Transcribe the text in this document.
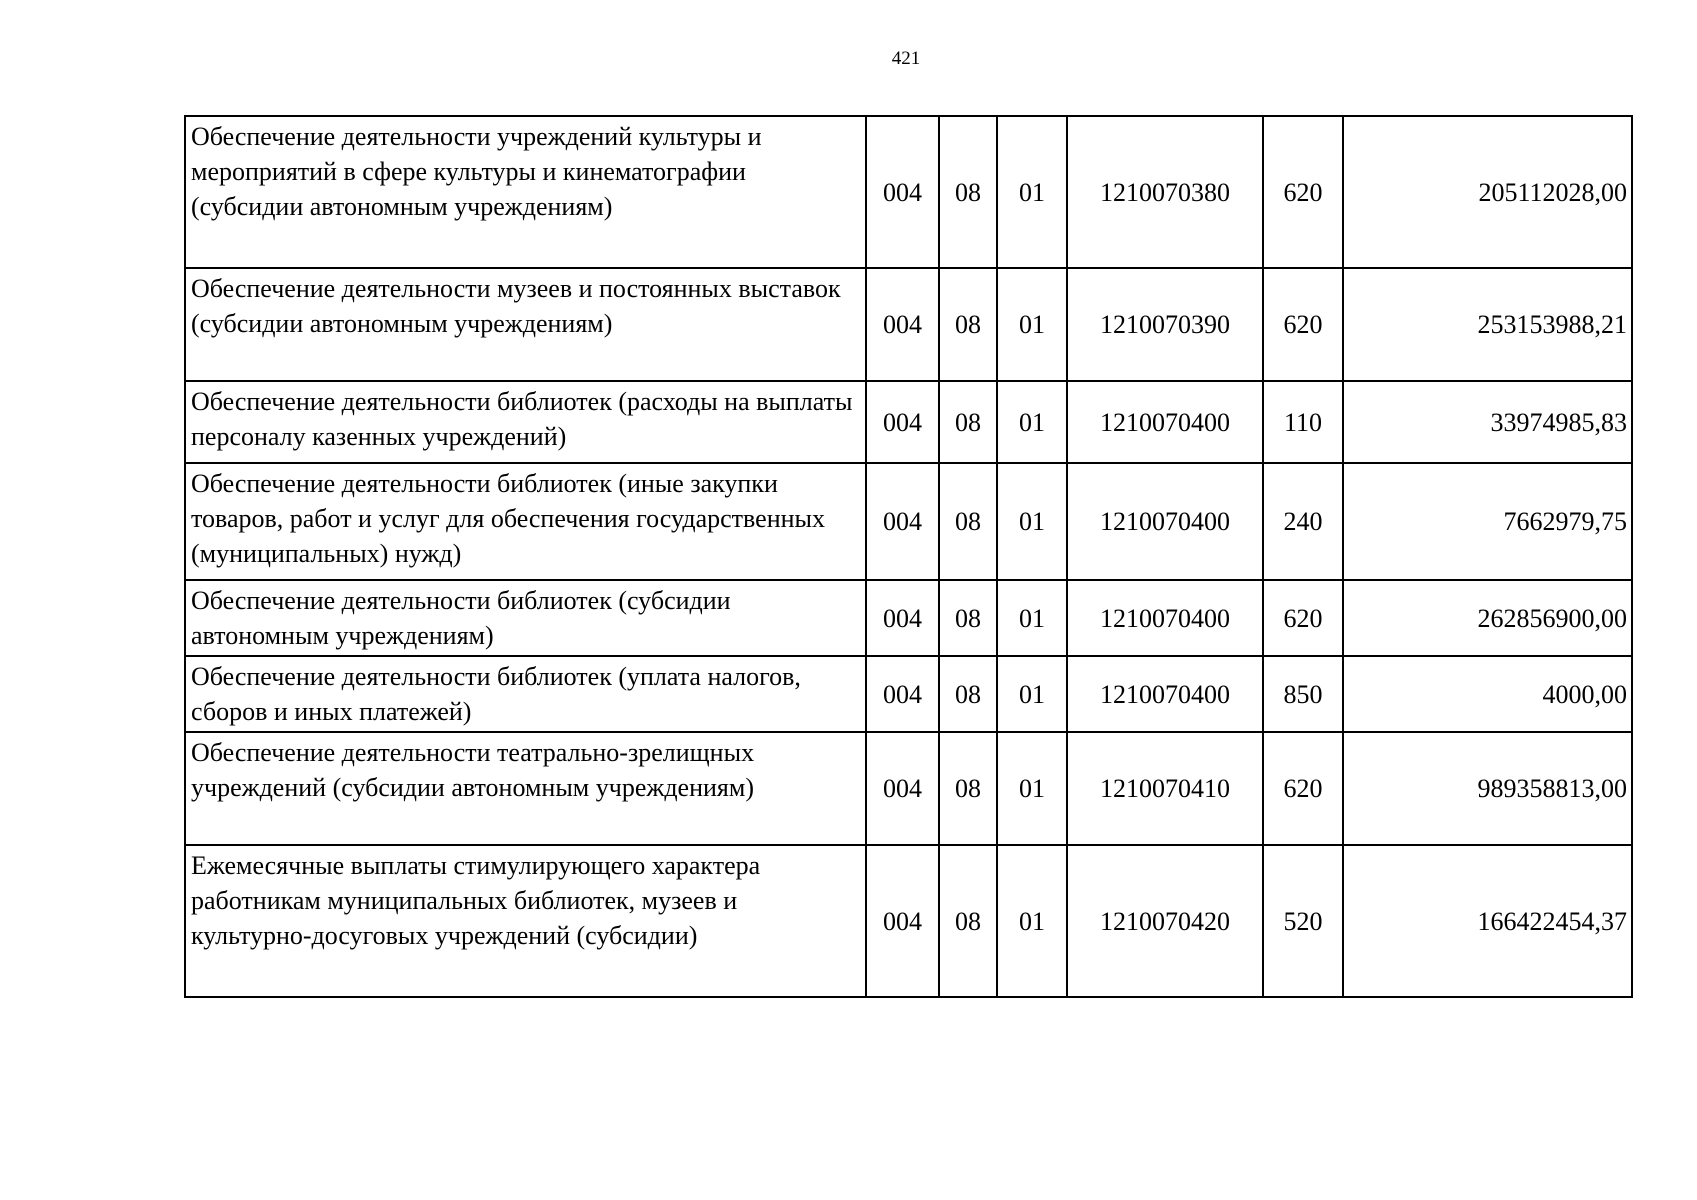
421
Обеспечение деятельности учреждений культуры и мероприятий в сфере культуры и кинематографии (субсидии автономным учреждениям)	004	08	01	1210070380	620	205112028,00
Обеспечение деятельности музеев и постоянных выставок (субсидии автономным учреждениям)	004	08	01	1210070390	620	253153988,21
Обеспечение деятельности библиотек (расходы на выплаты персоналу казенных учреждений)	004	08	01	1210070400	110	33974985,83
Обеспечение деятельности библиотек (иные закупки товаров, работ и услуг для обеспечения государственных (муниципальных) нужд)	004	08	01	1210070400	240	7662979,75
Обеспечение деятельности библиотек (субсидии автономным учреждениям)	004	08	01	1210070400	620	262856900,00
Обеспечение деятельности библиотек (уплата налогов, сборов и иных платежей)	004	08	01	1210070400	850	4000,00
Обеспечение деятельности театрально-зрелищных учреждений (субсидии автономным учреждениям)	004	08	01	1210070410	620	989358813,00
Ежемесячные выплаты стимулирующего характера работникам муниципальных библиотек, музеев и культурно-досуговых учреждений (субсидии)	004	08	01	1210070420	520	166422454,37
